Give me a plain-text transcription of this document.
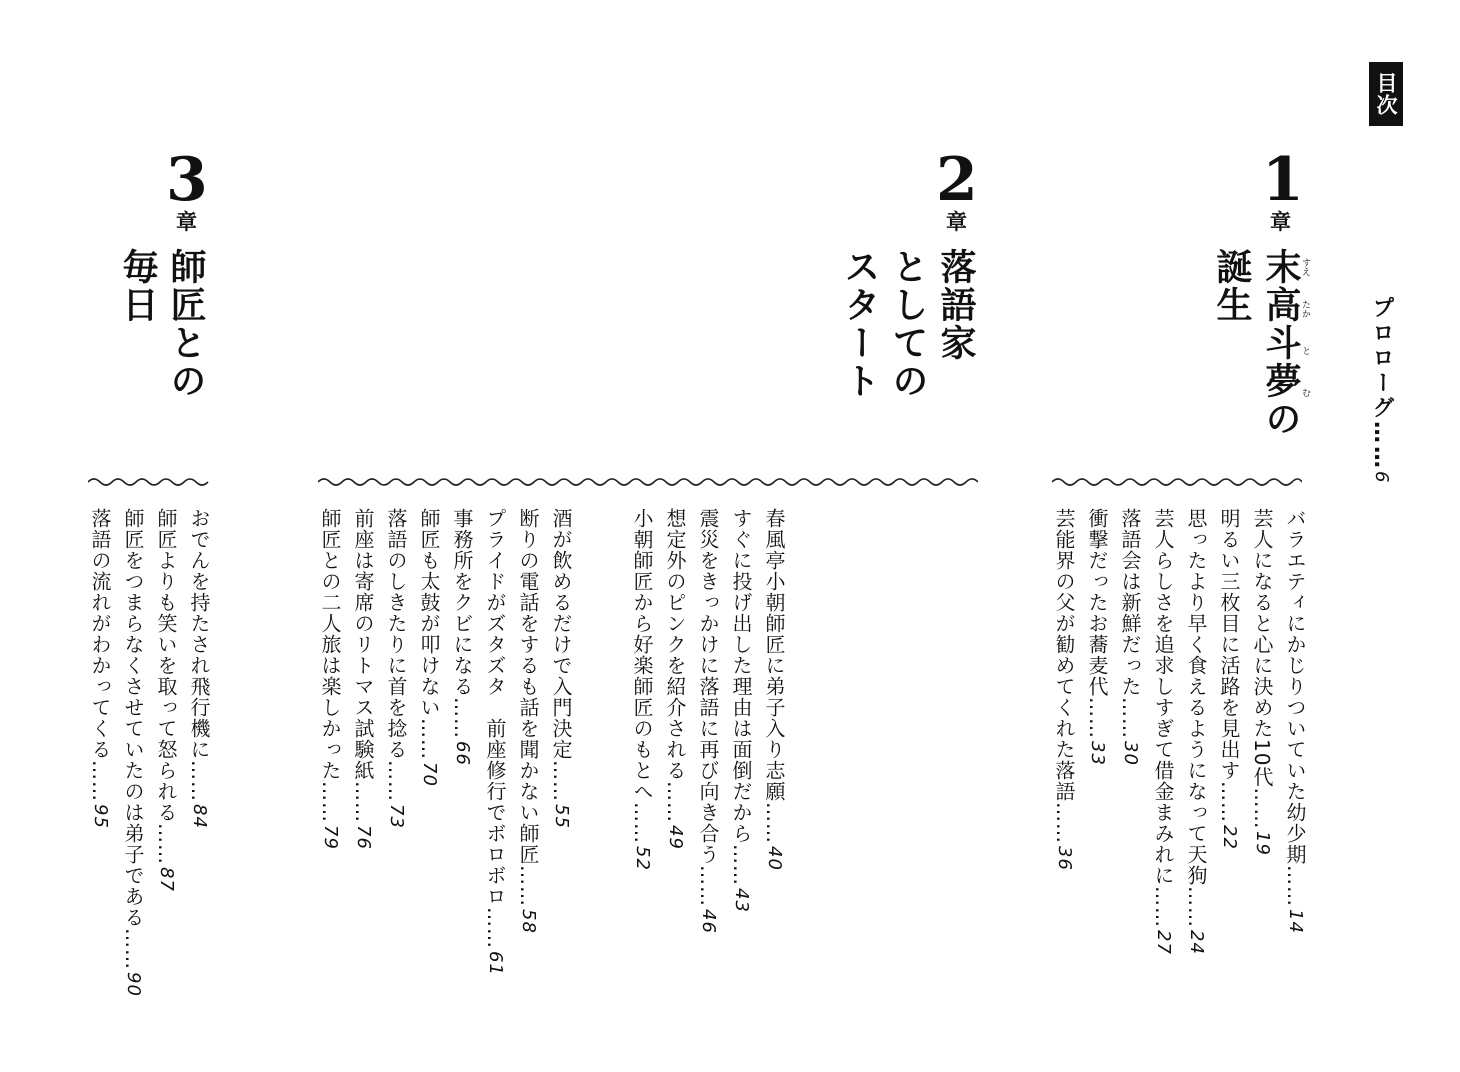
目次
プロローグ……6
1
章
末高斗夢の
誕生	すえ
たか
と
む
バラエティにかじりついていた幼少期……14
芸人になると心に決めた10代……19
明るい三枚目に活路を見出す……22
思ったより早く食えるようになって天狗……24
芸人らしさを追求しすぎて借金まみれに……27
落語会は新鮮だった……30
衝撃だったお蕎麦代……33
芸能界の父が勧めてくれた落語……36
2
章
落語家
としての
スタート
春風亭小朝師匠に弟子入り志願……40
すぐに投げ出した理由は面倒だから……43
震災をきっかけに落語に再び向き合う……46
想定外のピンクを紹介される……49
小朝師匠から好楽師匠のもとへ……52
酒が飲めるだけで入門決定……55
断りの電話をするも話を聞かない師匠……58
プライドがズタズタ　前座修行でボロボロ……61
事務所をクビになる……66
師匠も太鼓が叩けない……70
落語のしきたりに首を捻る……73
前座は寄席のリトマス試験紙……76
師匠との二人旅は楽しかった……79
3
章
師匠との
毎日
おでんを持たされ飛行機に……84
師匠よりも笑いを取って怒られる……87
師匠をつまらなくさせていたのは弟子である……90
落語の流れがわかってくる……95
